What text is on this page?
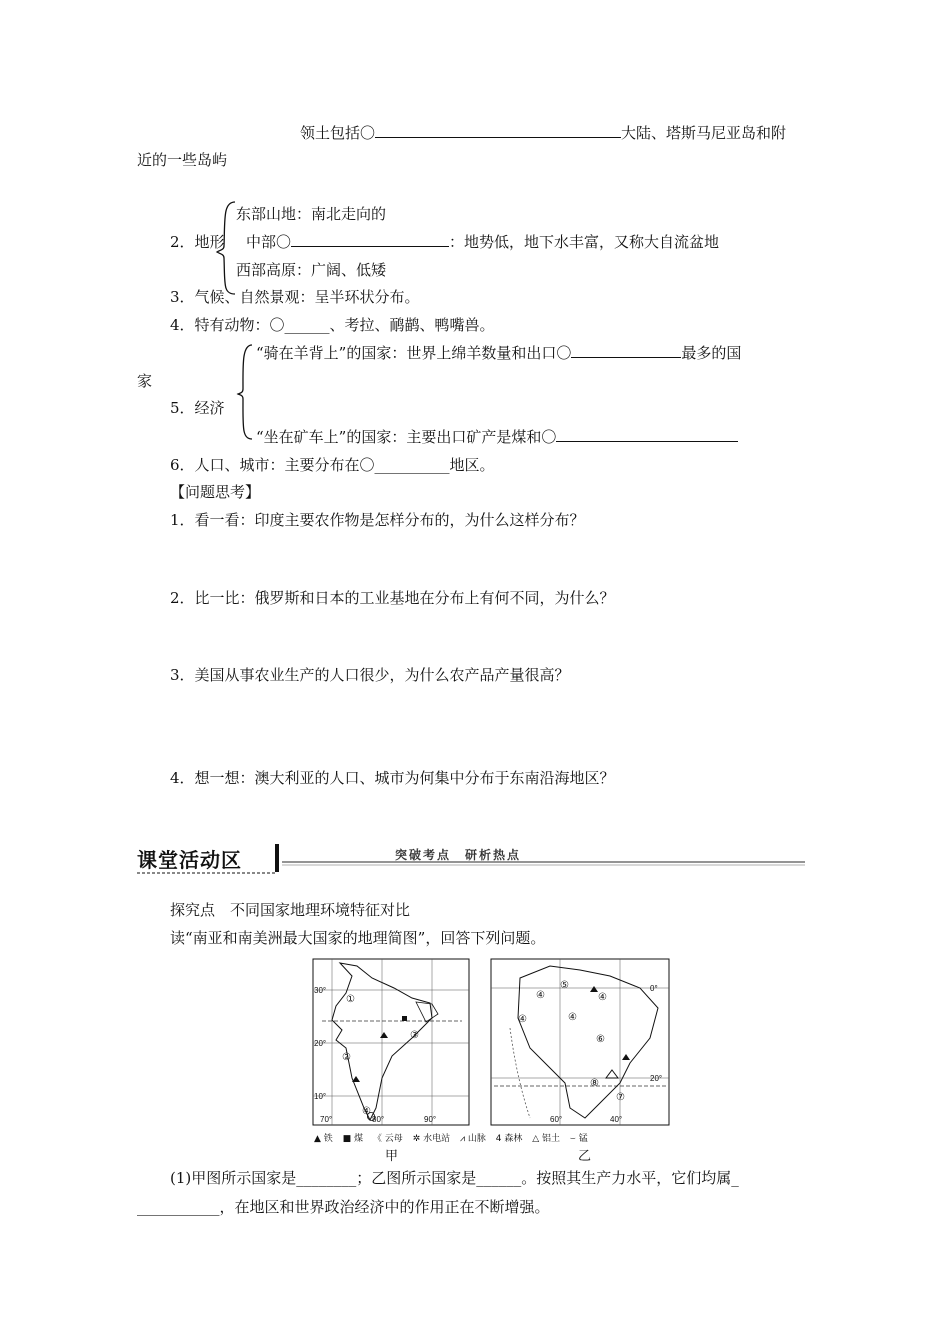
领土包括〇	大陆、塔斯马尼亚岛和附
近的一些岛屿
东部山地：南北走向的
2．地形 中部〇	：地势低，地下水丰富，又称大自流盆地
西部高原：广阔、低矮
3．气候、自然景观：呈半环状分布。
4．特有动物：〇______、考拉、鸸鹋、鸭嘴兽。
“骑在羊背上”的国家：世界上绵羊数量和出口〇	最多的国
家
5．经济
“坐在矿车上”的国家：主要出口矿产是煤和〇
6．人口、城市：主要分布在〇__________地区。
【问题思考】
1．看一看：印度主要农作物是怎样分布的，为什么这样分布？
2．比一比：俄罗斯和日本的工业基地在分布上有何不同，为什么？
3．美国从事农业生产的人口很少，为什么农产品产量很高？
4．想一想：澳大利亚的人口、城市为何集中分布于东南沿海地区？
课堂活动区	突破考点　研析热点
探究点　不同国家地理环境特征对比
读“南亚和南美洲最大国家的地理简图”，回答下列问题。
30°
20°
10°
70°	80°	90°
①
②
③
④
0°
20°
60°	40°
④
④
④
④
⑤
⑥
⑦
⑧
▲ 铁 ■ 煤 《 云母 ✲ 水电站 ⩘ 山脉 4 森林 △ 铝土 ⌣ 锰
甲	乙
(1)甲图所示国家是________；乙图所示国家是______。按照其生产力水平，它们均属_
___________，在地区和世界政治经济中的作用正在不断增强。
